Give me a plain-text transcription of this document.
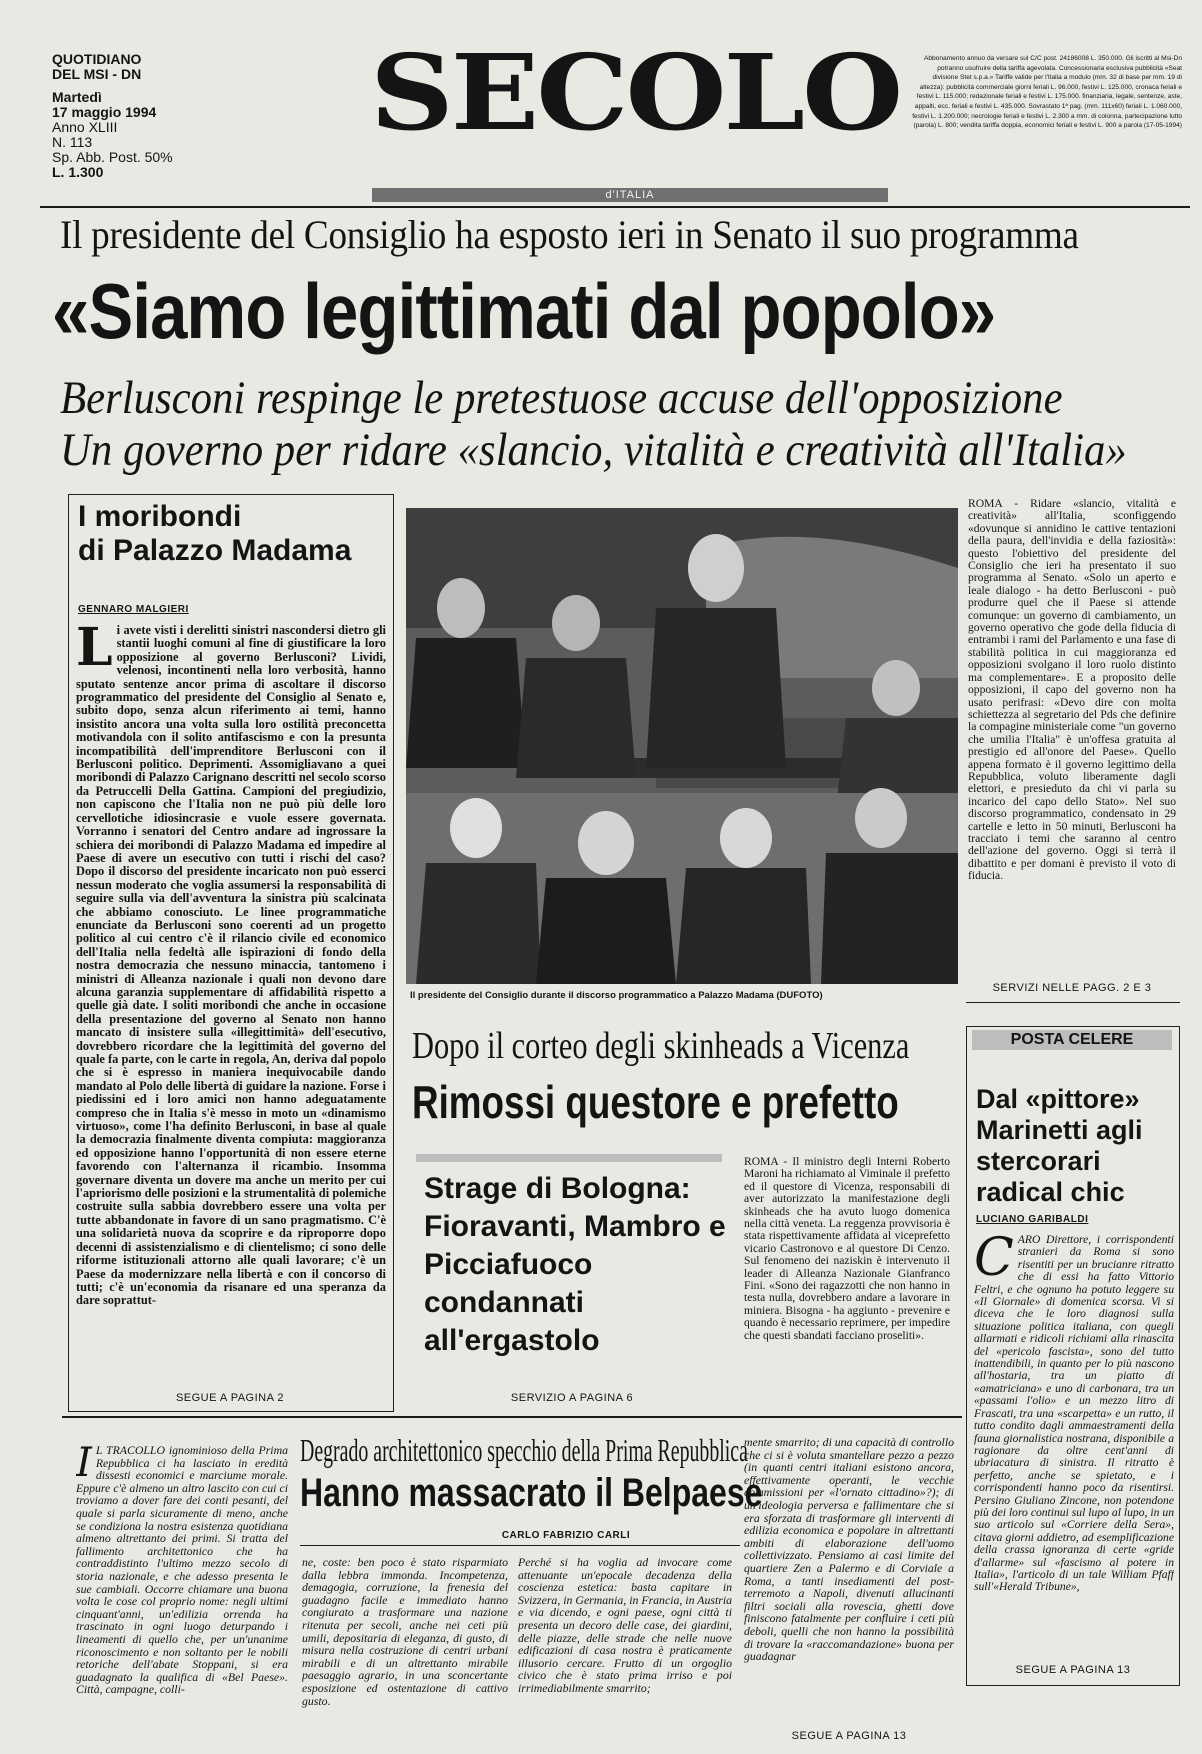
QUOTIDIANO
DEL MSI - DN
Martedì
17 maggio 1994
Anno XLIII
N. 113
Sp. Abb. Post. 50%
L. 1.300
SECOLO
d'ITALIA
Abbonamento annuo da versare sul C/C post. 24186008 L. 350.000. Gli iscritti al Msi-Dn potranno usufruire della tariffa agevolata. Concessionaria esclusiva pubblicità «Seat divisione Stet s.p.a.» Tariffe valide per l'Italia a modulo (mm. 32 di base per mm. 19 di altezza): pubblicità commerciale giorni feriali L. 96.000, festivi L. 125.000, cronaca feriali e festivi L. 115.000; redazionale feriali e festivi L. 175.000. finanziaria, legale, sentenze, aste, appalti, ecc. feriali e festivi L. 435.000. Sovrastato 1ª pag. (mm. 111x60) feriali L. 1.060.000, festivi L. 1.200.000; necrologie feriali e festivi L. 2.300 a mm. di colonna, partecipazione lutto (parola) L. 800; vendita tariffa doppia, economici feriali e festivi L. 900 a parola (17-05-1994)
Il presidente del Consiglio ha esposto ieri in Senato il suo programma
«Siamo legittimati dal popolo»
Berlusconi respinge le pretestuose accuse dell'opposizione
Un governo per ridare «slancio, vitalità e creatività all'Italia»
I moribondi
di Palazzo Madama
GENNARO MALGIERI
Li avete visti i derelitti sinistri nascondersi dietro gli stantii luoghi comuni al fine di giustificare la loro opposizione al governo Berlusconi? Lividi, velenosi, incontinenti nella loro verbosità, hanno sputato sentenze ancor prima di ascoltare il discorso programmatico del presidente del Consiglio al Senato e, subito dopo, senza alcun riferimento ai temi, hanno insistito ancora una volta sulla loro ostilità preconcetta motivandola con il solito antifascismo e con la presunta incompatibilità dell'imprenditore Berlusconi con il Berlusconi politico. Deprimenti. Assomigliavano a quei moribondi di Palazzo Carignano descritti nel secolo scorso da Petruccelli Della Gattina. Campioni del pregiudizio, non capiscono che l'Italia non ne può più delle loro cervellotiche idiosincrasie e vuole essere governata. Vorranno i senatori del Centro andare ad ingrossare la schiera dei moribondi di Palazzo Madama ed impedire al Paese di avere un esecutivo con tutti i rischi del caso? Dopo il discorso del presidente incaricato non può esserci nessun moderato che voglia assumersi la responsabilità di seguire sulla via dell'avventura la sinistra più scalcinata che abbiamo conosciuto. Le linee programmatiche enunciate da Berlusconi sono coerenti ad un progetto politico al cui centro c'è il rilancio civile ed economico dell'Italia nella fedeltà alle ispirazioni di fondo della nostra democrazia che nessuno minaccia, tantomeno i ministri di Alleanza nazionale i quali non devono dare alcuna garanzia supplementare di affidabilità rispetto a quelle già date. I soliti moribondi che anche in occasione della presentazione del governo al Senato non hanno mancato di insistere sulla «illegittimità» dell'esecutivo, dovrebbero ricordare che la legittimità del governo del quale fa parte, con le carte in regola, An, deriva dal popolo che si è espresso in maniera inequivocabile dando mandato al Polo delle libertà di guidare la nazione. Forse i piedissini ed i loro amici non hanno adeguatamente compreso che in Italia s'è messo in moto un «dinamismo virtuoso», come l'ha definito Berlusconi, in base al quale la democrazia finalmente diventa compiuta: maggioranza ed opposizione hanno l'opportunità di non essere eterne favorendo con l'alternanza il ricambio. Insomma governare diventa un dovere ma anche un merito per cui l'apriorismo delle posizioni e la strumentalità di polemiche costruite sulla sabbia dovrebbero essere una volta per tutte abbandonate in favore di un sano pragmatismo. C'è una solidarietà nuova da scoprire e da riproporre dopo decenni di assistenzialismo e di clientelismo; ci sono delle riforme istituzionali attorno alle quali lavorare; c'è un Paese da modernizzare nella libertà e con il concorso di tutti; c'è un'economia da risanare ed una speranza da dare soprattut-
SEGUE A PAGINA 2
Il presidente del Consiglio durante il discorso programmatico a Palazzo Madama (DUFOTO)
ROMA - Ridare «slancio, vitalità e creatività» all'Italia, sconfiggendo «dovunque si annidino le cattive tentazioni della paura, dell'invidia e della faziosità»: questo l'obiettivo del presidente del Consiglio che ieri ha presentato il suo programma al Senato. «Solo un aperto e leale dialogo - ha detto Berlusconi - può produrre quel che il Paese si attende comunque: un governo di cambiamento, un governo operativo che gode della fiducia di entrambi i rami del Parlamento e una fase di stabilità politica in cui maggioranza ed opposizioni svolgano il loro ruolo distinto ma complementare». E a proposito delle opposizioni, il capo del governo non ha usato perifrasi: «Devo dire con molta schiettezza al segretario del Pds che definire la compagine ministeriale come "un governo che umilia l'Italia" è un'offesa gratuita al prestigio ed all'onore del Paese». Quello appena formato è il governo legittimo della Repubblica, voluto liberamente dagli elettori, e presieduto da chi vi parla su incarico del capo dello Stato». Nel suo discorso programmatico, condensato in 29 cartelle e letto in 50 minuti, Berlusconi ha tracciato i temi che saranno al centro dell'azione del governo. Oggi si terrà il dibattito e per domani è previsto il voto di fiducia.
SERVIZI NELLE PAGG. 2 E 3
Dopo il corteo degli skinheads a Vicenza
Rimossi questore e prefetto
ROMA - Il ministro degli Interni Roberto Maroni ha richiamato al Viminale il prefetto ed il questore di Vicenza, responsabili di aver autorizzato la manifestazione degli skinheads che ha avuto luogo domenica nella città veneta. La reggenza provvisoria è stata rispettivamente affidata al viceprefetto vicario Castronovo e al questore Di Cenzo. Sul fenomeno dei naziskin è intervenuto il leader di Alleanza Nazionale Gianfranco Fini. «Sono dei ragazzotti che non hanno in testa nulla, dovrebbero andare a lavorare in miniera. Bisogna - ha aggiunto - prevenire e quando è necessario reprimere, per impedire che questi sbandati facciano proseliti».
Strage di Bologna: Fioravanti, Mambro e Picciafuoco condannati all'ergastolo
SERVIZIO A PAGINA 6
POSTA CELERE
Dal «pittore» Marinetti agli stercorari radical chic
LUCIANO GARIBALDI
CARO Direttore, i corrispondenti stranieri da Roma si sono risentiti per un brucianre ritratto che di essi ha fatto Vittorio Feltri, e che ognuno ha potuto leggere su «Il Giornale» di domenica scorsa. Vi si diceva che le loro diagnosi sulla situazione politica italiana, con quegli allarmati e ridicoli richiami alla rinascita del «pericolo fascista», sono del tutto inattendibili, in quanto per lo più nascono all'hostaria, tra un piatto di «amatriciana» e uno di carbonara, tra un «passami l'olio» e un mezzo litro di Frascati, tra una «scarpetta» e un rutto, il tutto condito dagli ammaestramenti della fauna giornalistica nostrana, disponibile a ragionare da oltre cent'anni di ubriacatura di sinistra. Il ritratto è perfetto, anche se spietato, e i corrispondenti hanno poco da risentirsi. Persino Giuliano Zincone, non potendone più dei loro continui sul lupo al lupo, in un suo articolo sul «Corriere della Sera», citava giorni addietro, ad esemplificazione della crassa ignoranza di certe «gride d'allarme» sul «fascismo al potere in Italia», l'articolo di un tale William Pfaff sull'«Herald Tribune»,
SEGUE A PAGINA 13
I L TRACOLLO ignominioso della Prima Repubblica ci ha lasciato in eredità dissesti economici e marciume morale. Eppure c'è almeno un altro lascito con cui ci troviamo a dover fare dei conti pesanti, del quale si parla sicuramente di meno, anche se condiziona la nostra esistenza quotidiana almeno altrettanto dei primi. Si tratta del fallimento architettonico che ha contraddistinto l'ultimo mezzo secolo di storia nazionale, e che adesso presenta le sue cambiali. Occorre chiamare una buona volta le cose col proprio nome: negli ultimi cinquant'anni, un'edilizia orrenda ha trascinato in ogni luogo deturpando i lineamenti di quello che, per un'unanime riconoscimento e non soltanto per le nobili retoriche dell'abate Stoppani, si era guadagnato la qualifica di «Bel Paese». Città, campagne, colli-
Degrado architettonico specchio della Prima Repubblica
Hanno massacrato il Belpaese
CARLO FABRIZIO CARLI
ne, coste: ben poco è stato risparmiato dalla lebbra immonda. Incompetenza, demagogia, corruzione, la frenesia del guadagno facile e immediato hanno congiurato a trasformare una nazione ritenuta per secoli, anche nei ceti più umili, depositaria di eleganza, di gusto, di misura nella costruzione di centri urbani mirabili e di un altrettanto mirabile paesaggio agrario, in una sconcertante esposizione ed ostentazione di cattivo gusto.
Perché si ha voglia ad invocare come attenuante un'epocale decadenza della coscienza estetica: basta capitare in Svizzera, in Germania, in Francia, in Austria e via dicendo, e ogni paese, ogni città ti presenta un decoro delle case, dei giardini, delle piazze, delle strade che nelle nuove edificazioni di casa nostra è praticamente illusorio cercare. Frutto di un orgoglio civico che è stato prima irriso e poi irrimediabilmente smarrito;
mente smarrito; di una capacità di controllo che ci si è voluta smantellare pezzo a pezzo (in quanti centri italiani esistono ancora, effettivamente operanti, le vecchie commissioni per «l'ornato cittadino»?); di un'ideologia perversa e fallimentare che si era sforzata di trasformare gli interventi di edilizia economica e popolare in altrettanti ambiti di elaborazione dell'uomo collettivizzato. Pensiamo ai casi limite del quartiere Zen a Palermo e di Corviale a Roma, a tanti insediamenti del post-terremoto a Napoli, divenuti allucinanti filtri sociali alla rovescia, ghetti dove finiscono fatalmente per confluire i ceti più deboli, quelli che non hanno la possibilità di trovare la «raccomandazione» buona per guadagnar
SEGUE A PAGINA 13
